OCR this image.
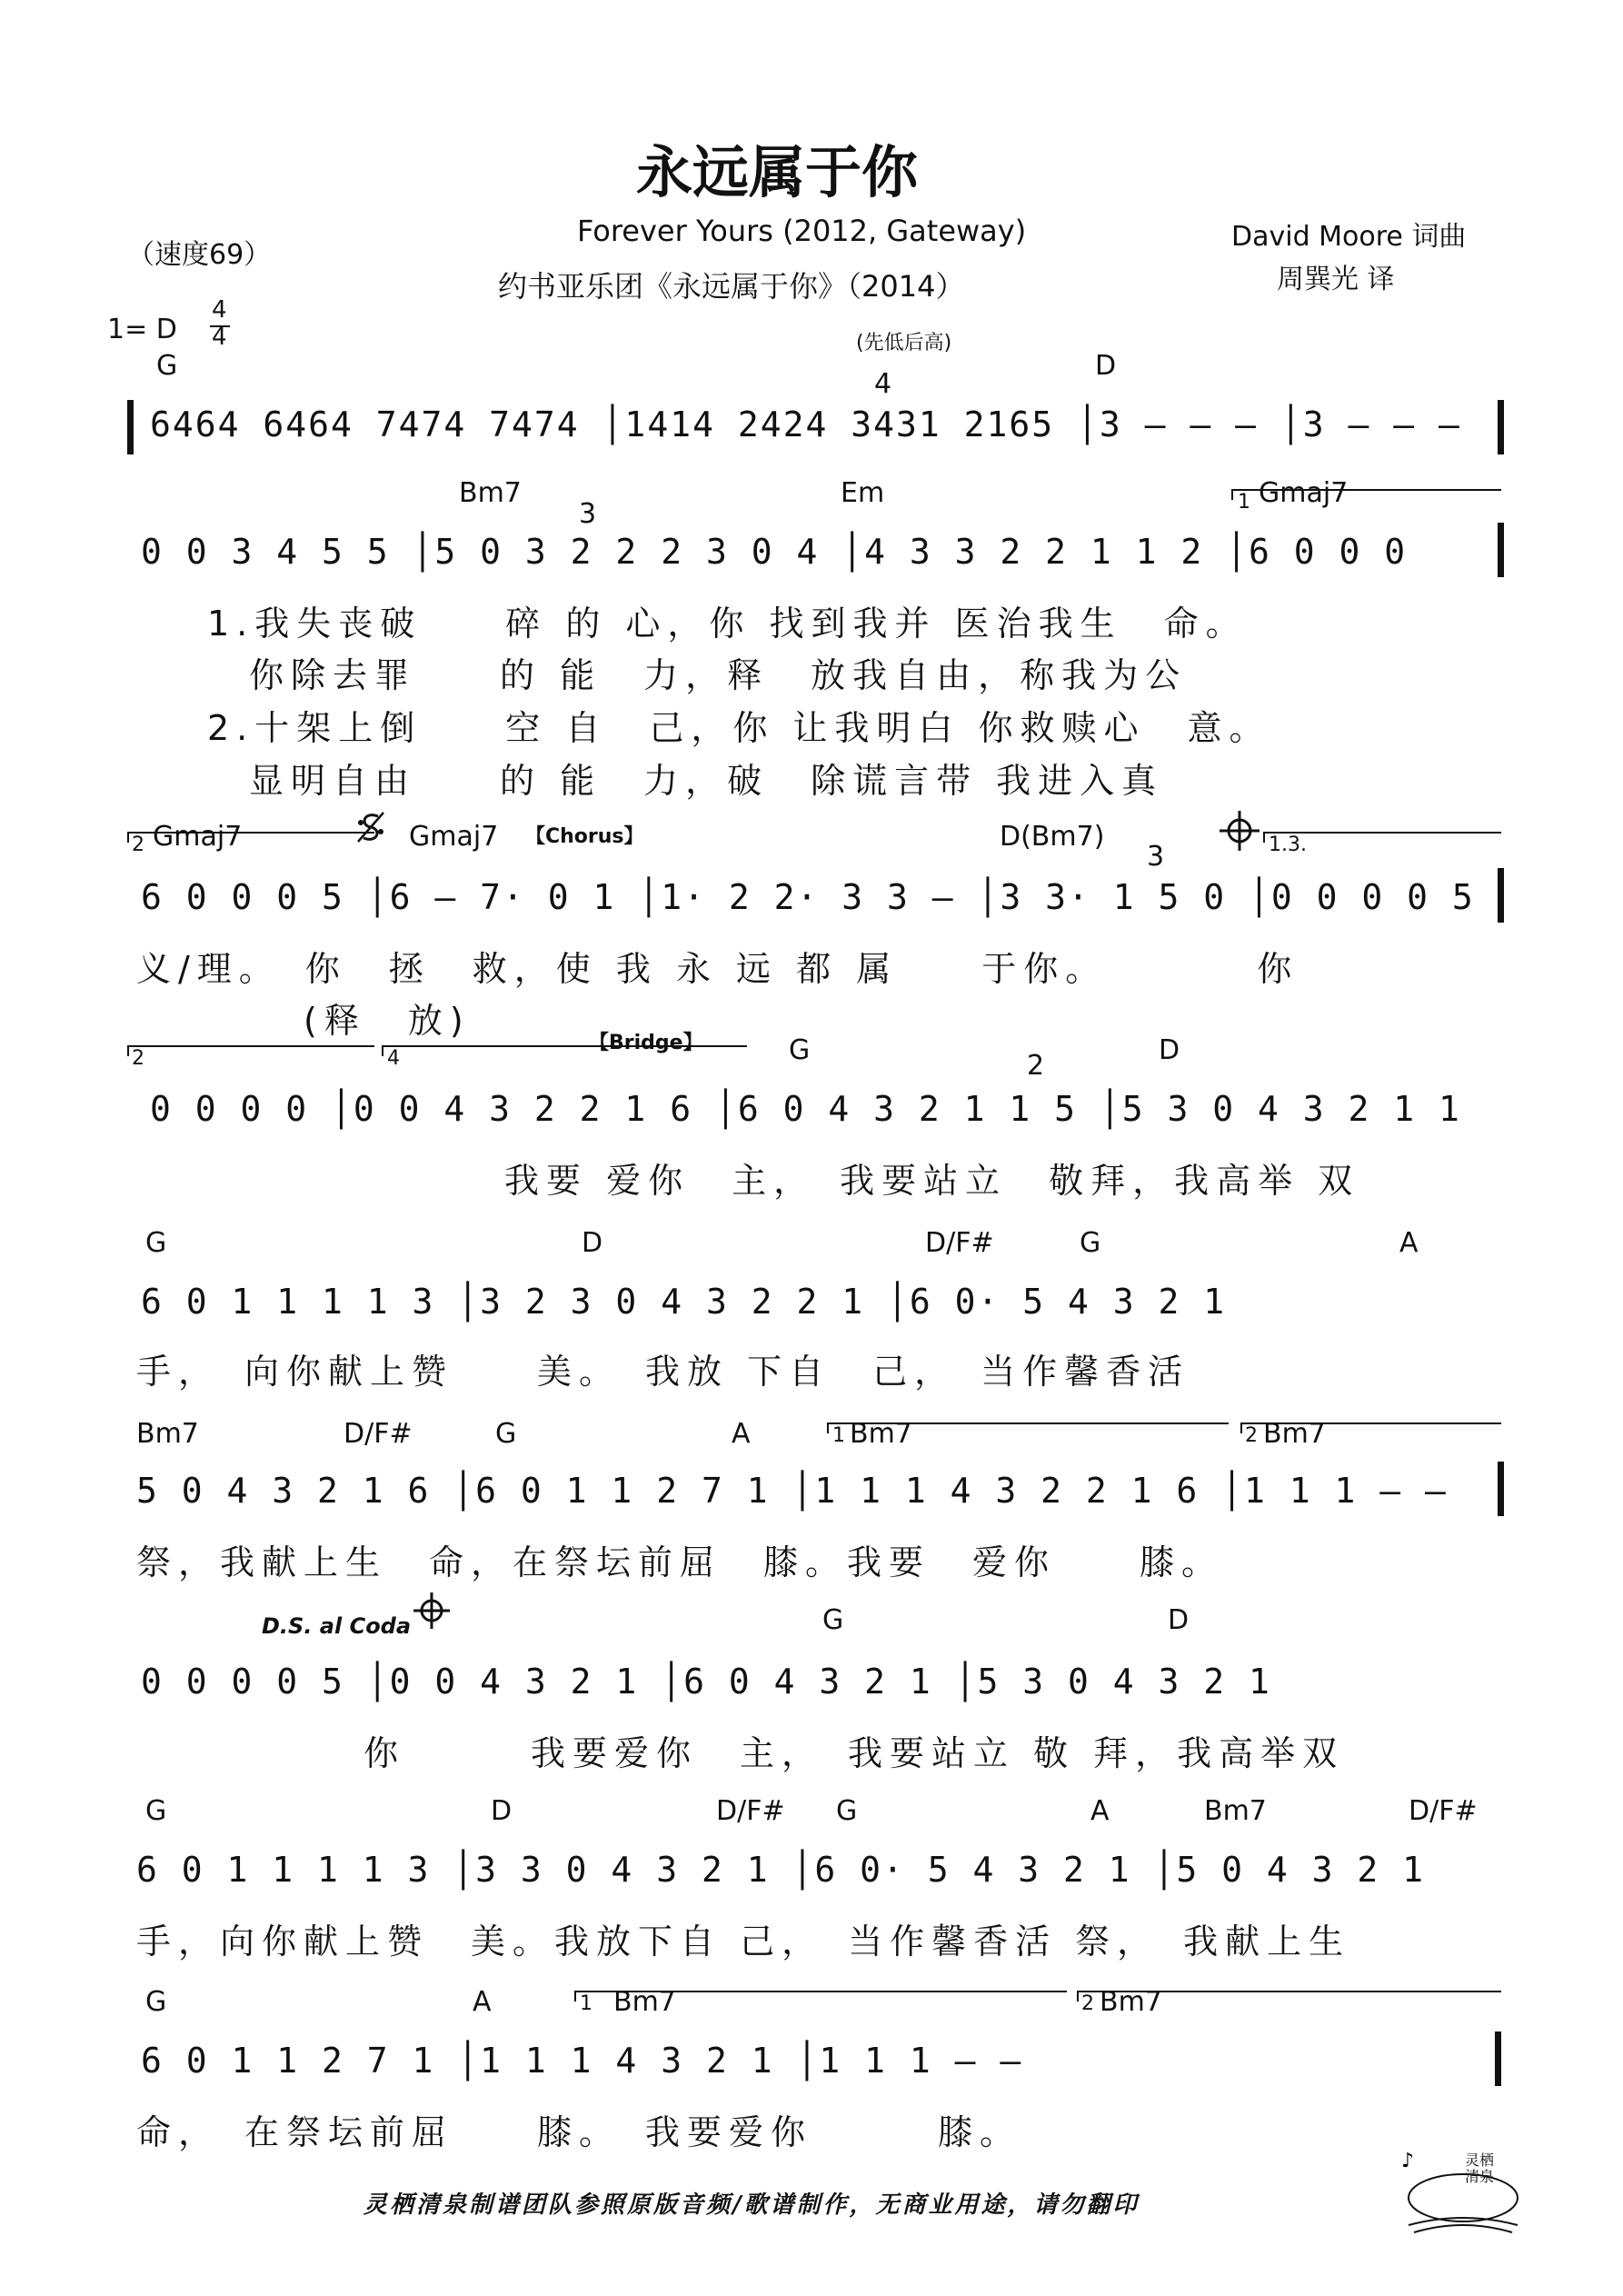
永远属于你
Forever Yours (2012, Gateway)
约书亚乐团《永远属于你》（2014）
（速度69）
David Moore 词曲
周巽光 译
1= D
4
4
G
(先低后高)
D
4
6464 6464 7474 7474 │1414 2424 3431 2165 │3 — — — │3 — — —
Bm7	Em	1 Gmaj7
3
0 0 3 4 5 5 │5 0 3 2 2 2 3 0 4 │4 3 3 2 2 1 1 2 │6 0 0 0
1.我失丧破　　碎 的 心，你 找到我并 医治我生　命。
　你除去罪　　的 能　力，释　放我自由，称我为公
2.十架上倒　　空 自　己，你 让我明白 你救赎心　意。
　显明自由　　的 能　力，破　除谎言带 我进入真
2 Gmaj7	Gmaj7 【Chorus】	D(Bm7)	1.3.
3
6 0 0 0 5 │6 — 7· 0 1 │1· 2 2· 3 3 — │3 3· 1 5 0 │0 0 0 0 5
义/理。　你　拯　救，使 我 永 远 都 属　　于你。　　　　你
　　　　(释　放)
2	4
【Bridge】	G	D
2
0 0 0 0 │0 0 4 3 2 2 1 6 │6 0 4 3 2 1 1 5 │5 3 0 4 3 2 1 1
我要 爱你　主，　我要站立　敬拜，我高举 双
G	D	D/F#	G	A
6 0 1 1 1 1 3 │3 2 3 0 4 3 2 2 1 │6 0· 5 4 3 2 1
手，　向你献上赞　　美。　我放 下自　己，　当作馨香活
Bm7	D/F#	G	A	1 Bm7	2 Bm7
5 0 4 3 2 1 6 │6 0 1 1 2 7 1 │1 1 1 4 3 2 2 1 6 │1 1 1 — —
祭，我献上生　命，在祭坛前屈　膝。我要　爱你　　膝。
D.S. al Coda	G	D
0 0 0 0 5 │0 0 4 3 2 1 │6 0 4 3 2 1 │5 3 0 4 3 2 1
你　　　我要爱你　主，　我要站立 敬 拜，我高举双
G	D	D/F# G	A	Bm7	D/F#
6 0 1 1 1 1 3 │3 3 0 4 3 2 1 │6 0· 5 4 3 2 1 │5 0 4 3 2 1
手，向你献上赞　美。我放下自 己，　当作馨香活 祭，　我献上生
G	A	1 Bm7	2 Bm7
6 0 1 1 2 7 1 │1 1 1 4 3 2 1 │1 1 1 — —
命，　在祭坛前屈　　膝。　我要爱你　　　膝。
灵栖清泉制谱团队参照原版音频/歌谱制作，无商业用途，请勿翻印
♪	灵栖清泉
